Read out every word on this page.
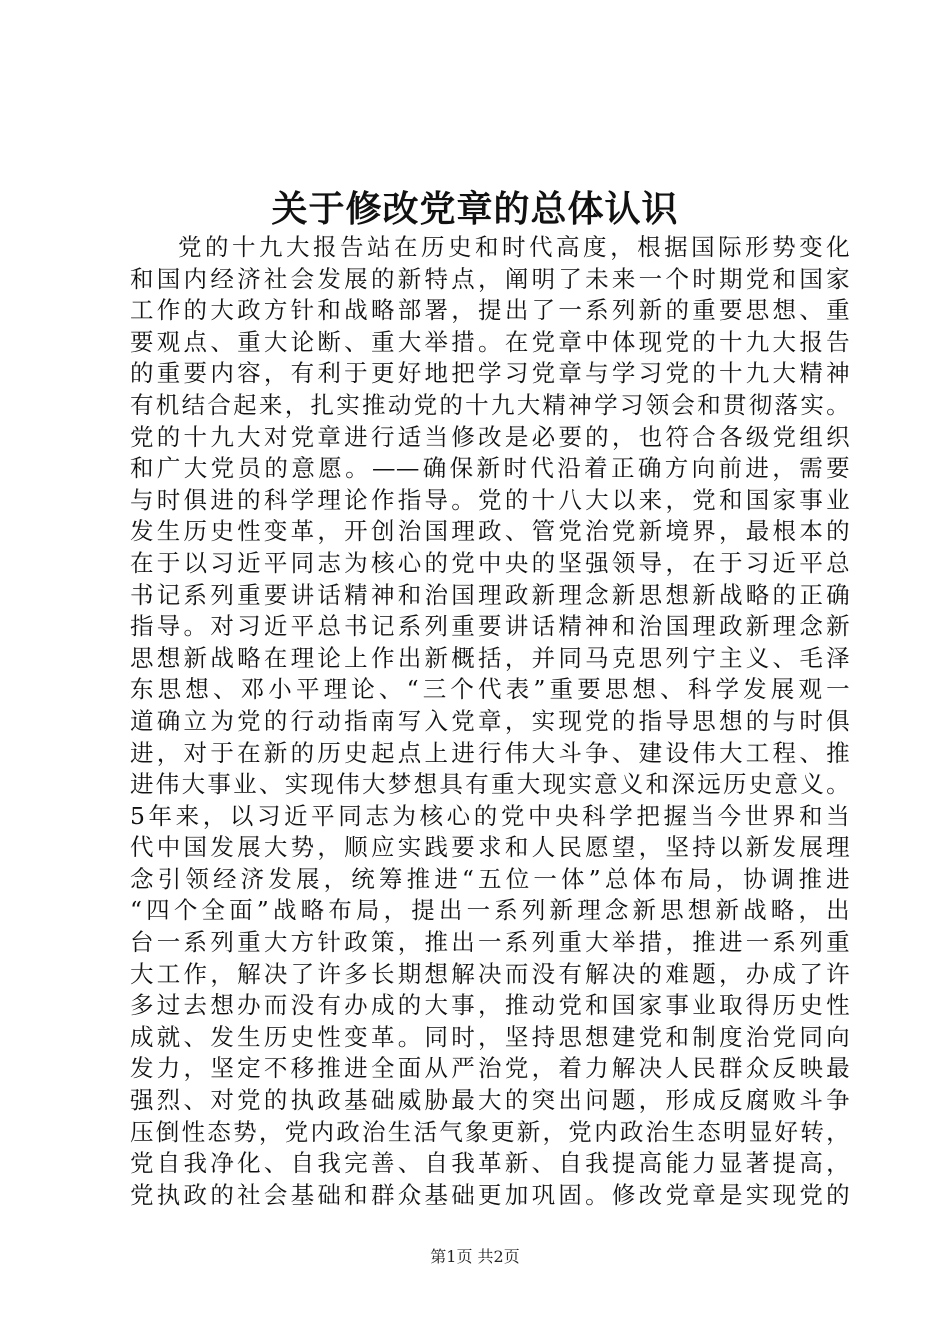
关于修改党章的总体认识
党的十九大报告站在历史和时代高度，根据国际形势变化
和国内经济社会发展的新特点，阐明了未来一个时期党和国家
工作的大政方针和战略部署，提出了一系列新的重要思想、重
要观点、重大论断、重大举措。在党章中体现党的十九大报告
的重要内容，有利于更好地把学习党章与学习党的十九大精神
有机结合起来，扎实推动党的十九大精神学习领会和贯彻落实。
党的十九大对党章进行适当修改是必要的，也符合各级党组织
和广大党员的意愿。——确保新时代沿着正确方向前进，需要
与时俱进的科学理论作指导。党的十八大以来，党和国家事业
发生历史性变革，开创治国理政、管党治党新境界，最根本的
在于以习近平同志为核心的党中央的坚强领导，在于习近平总
书记系列重要讲话精神和治国理政新理念新思想新战略的正确
指导。对习近平总书记系列重要讲话精神和治国理政新理念新
思想新战略在理论上作出新概括，并同马克思列宁主义、毛泽
东思想、邓小平理论、“三个代表”重要思想、科学发展观一
道确立为党的行动指南写入党章，实现党的指导思想的与时俱
进，对于在新的历史起点上进行伟大斗争、建设伟大工程、推
进伟大事业、实现伟大梦想具有重大现实意义和深远历史意义。
5年来，以习近平同志为核心的党中央科学把握当今世界和当
代中国发展大势，顺应实践要求和人民愿望，坚持以新发展理
念引领经济发展，统筹推进“五位一体”总体布局，协调推进
“四个全面”战略布局，提出一系列新理念新思想新战略，出
台一系列重大方针政策，推出一系列重大举措，推进一系列重
大工作，解决了许多长期想解决而没有解决的难题，办成了许
多过去想办而没有办成的大事，推动党和国家事业取得历史性
成就、发生历史性变革。同时，坚持思想建党和制度治党同向
发力，坚定不移推进全面从严治党，着力解决人民群众反映最
强烈、对党的执政基础威胁最大的突出问题，形成反腐败斗争
压倒性态势，党内政治生活气象更新，党内政治生态明显好转，
党自我净化、自我完善、自我革新、自我提高能力显著提高，
党执政的社会基础和群众基础更加巩固。修改党章是实现党的
第1页 共2页
